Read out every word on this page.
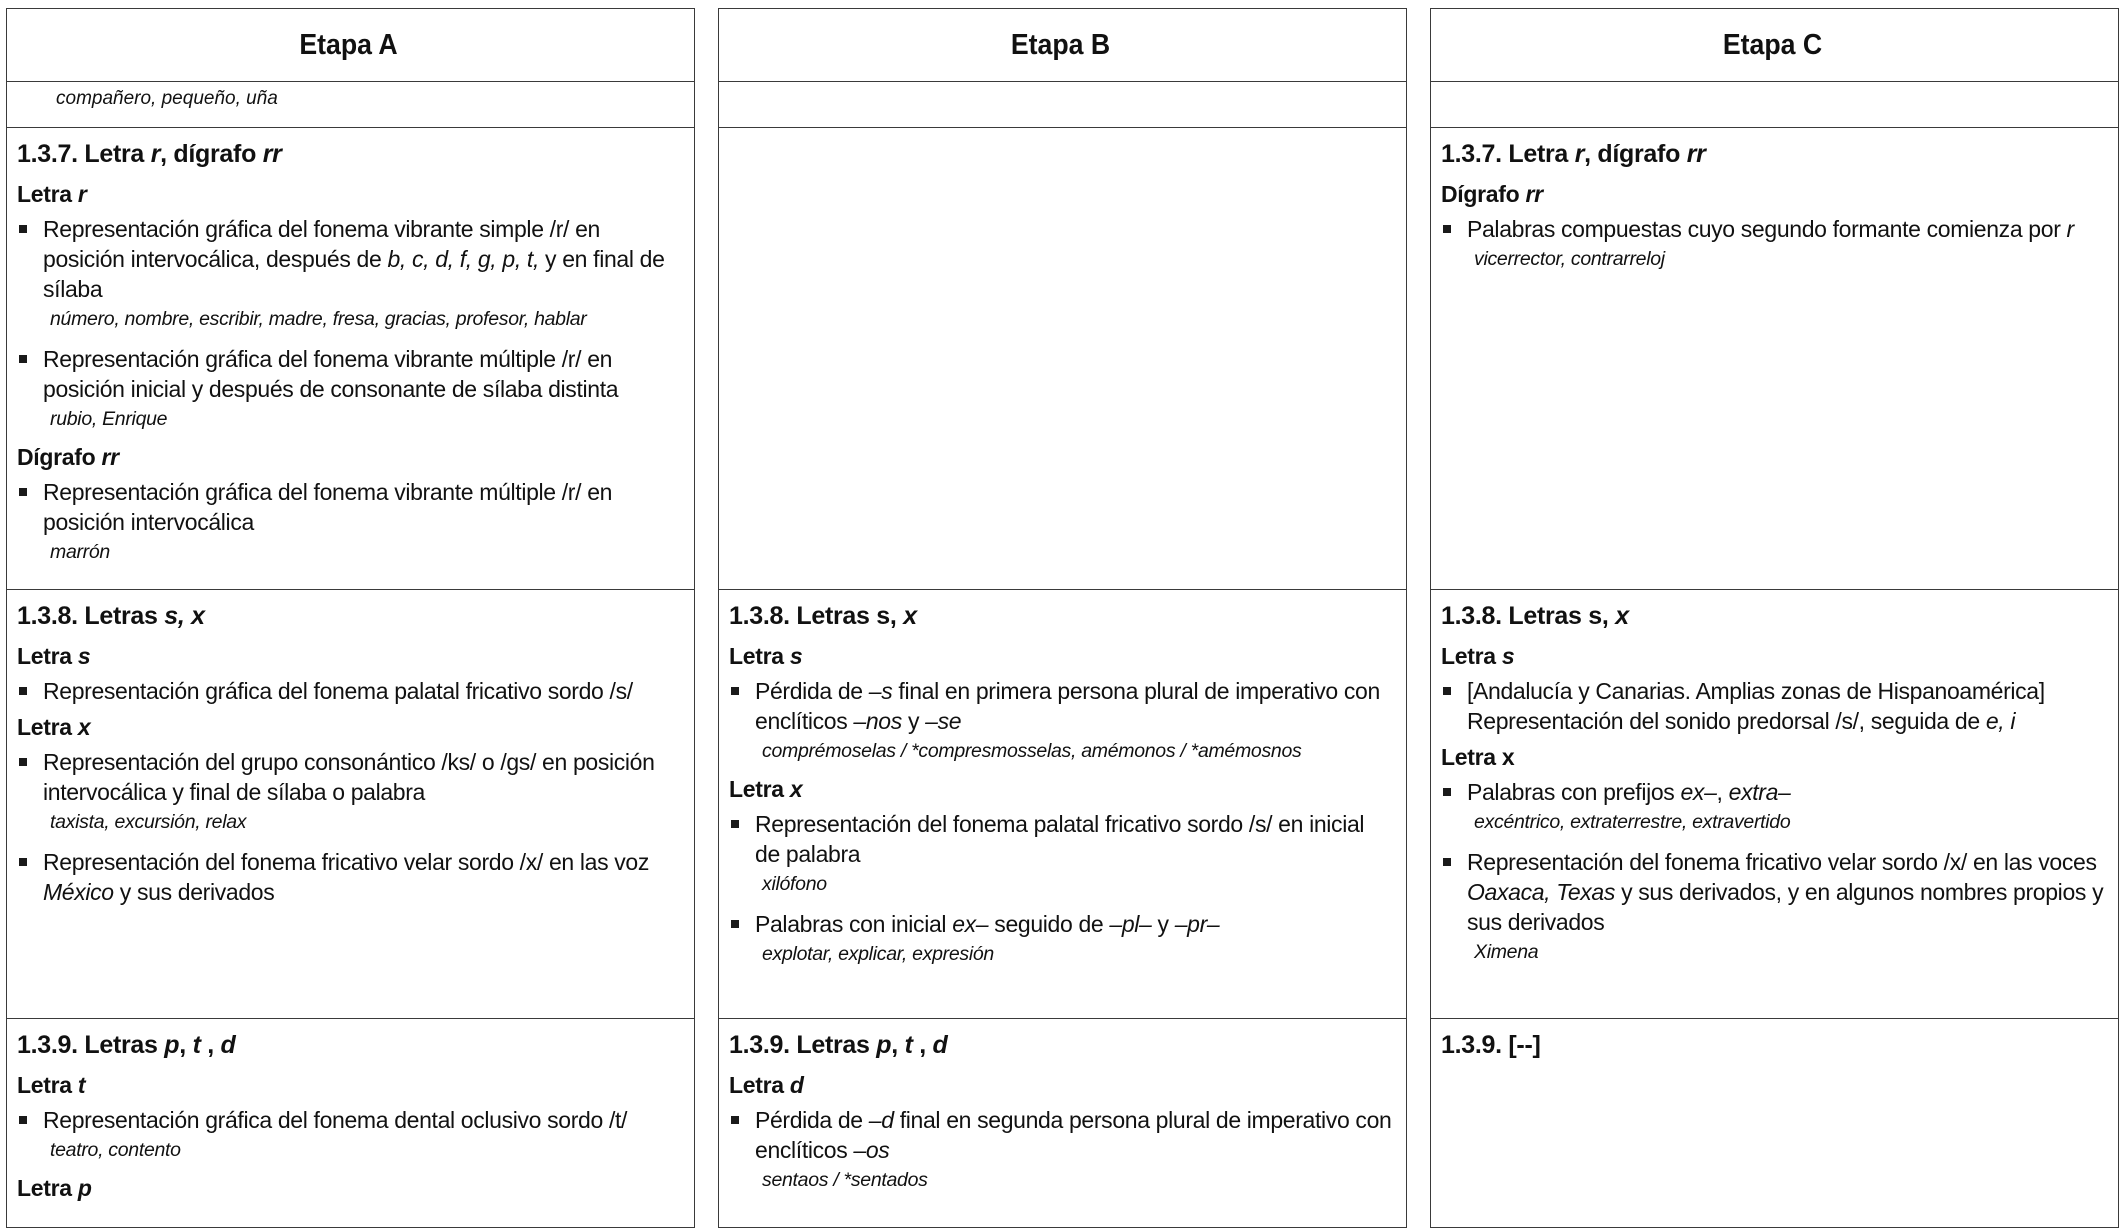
Etapa A
compañero, pequeño, uña
1.3.7. Letra r, dígrafo rr
Letra r
Representación gráfica del fonema vibrante simple /r/ en posición intervocálica, después de b, c, d, f, g, p, t, y en final de sílaba
número, nombre, escribir, madre, fresa, gracias, profesor, hablar
Representación gráfica del fonema vibrante múltiple /r/ en posición inicial y después de consonante de sílaba distinta
rubio, Enrique
Dígrafo rr
Representación gráfica del fonema vibrante múltiple /r/ en posición intervocálica
marrón
1.3.8. Letras s, x
Letra s
Representación gráfica del fonema palatal fricativo sordo /s/
Letra x
Representación del grupo consonántico /ks/ o /gs/ en posición intervocálica y final de sílaba o palabra
taxista, excursión, relax
Representación del fonema fricativo velar sordo /x/ en las voz México y sus derivados
1.3.9. Letras p, t , d
Letra t
Representación gráfica del fonema dental oclusivo sordo /t/
teatro, contento
Letra p
Etapa B
1.3.8. Letras s, x
Letra s
Pérdida de –s final en primera persona plural de imperativo con enclíticos –nos y –se
comprémoselas / *compresmosselas, amémonos / *amémosnos
Letra x
Representación del fonema palatal fricativo sordo /s/ en inicial de palabra
xilófono
Palabras con inicial ex– seguido de –pl– y –pr–
explotar, explicar, expresión
1.3.9. Letras p, t , d
Letra d
Pérdida de –d final en segunda persona plural de imperativo con enclíticos –os
sentaos / *sentados
Etapa C
1.3.7. Letra r, dígrafo rr
Dígrafo rr
Palabras compuestas cuyo segundo formante comienza por r
vicerrector, contrarreloj
1.3.8. Letras s, x
Letra s
[Andalucía y Canarias. Amplias zonas de Hispanoamérica] Representación del sonido predorsal /s/, seguida de e, i
Letra x
Palabras con prefijos ex–, extra–
excéntrico, extraterrestre, extravertido
Representación del fonema fricativo velar sordo /x/ en las voces Oaxaca, Texas y sus derivados, y en algunos nombres propios y sus derivados
Ximena
1.3.9. [--]
